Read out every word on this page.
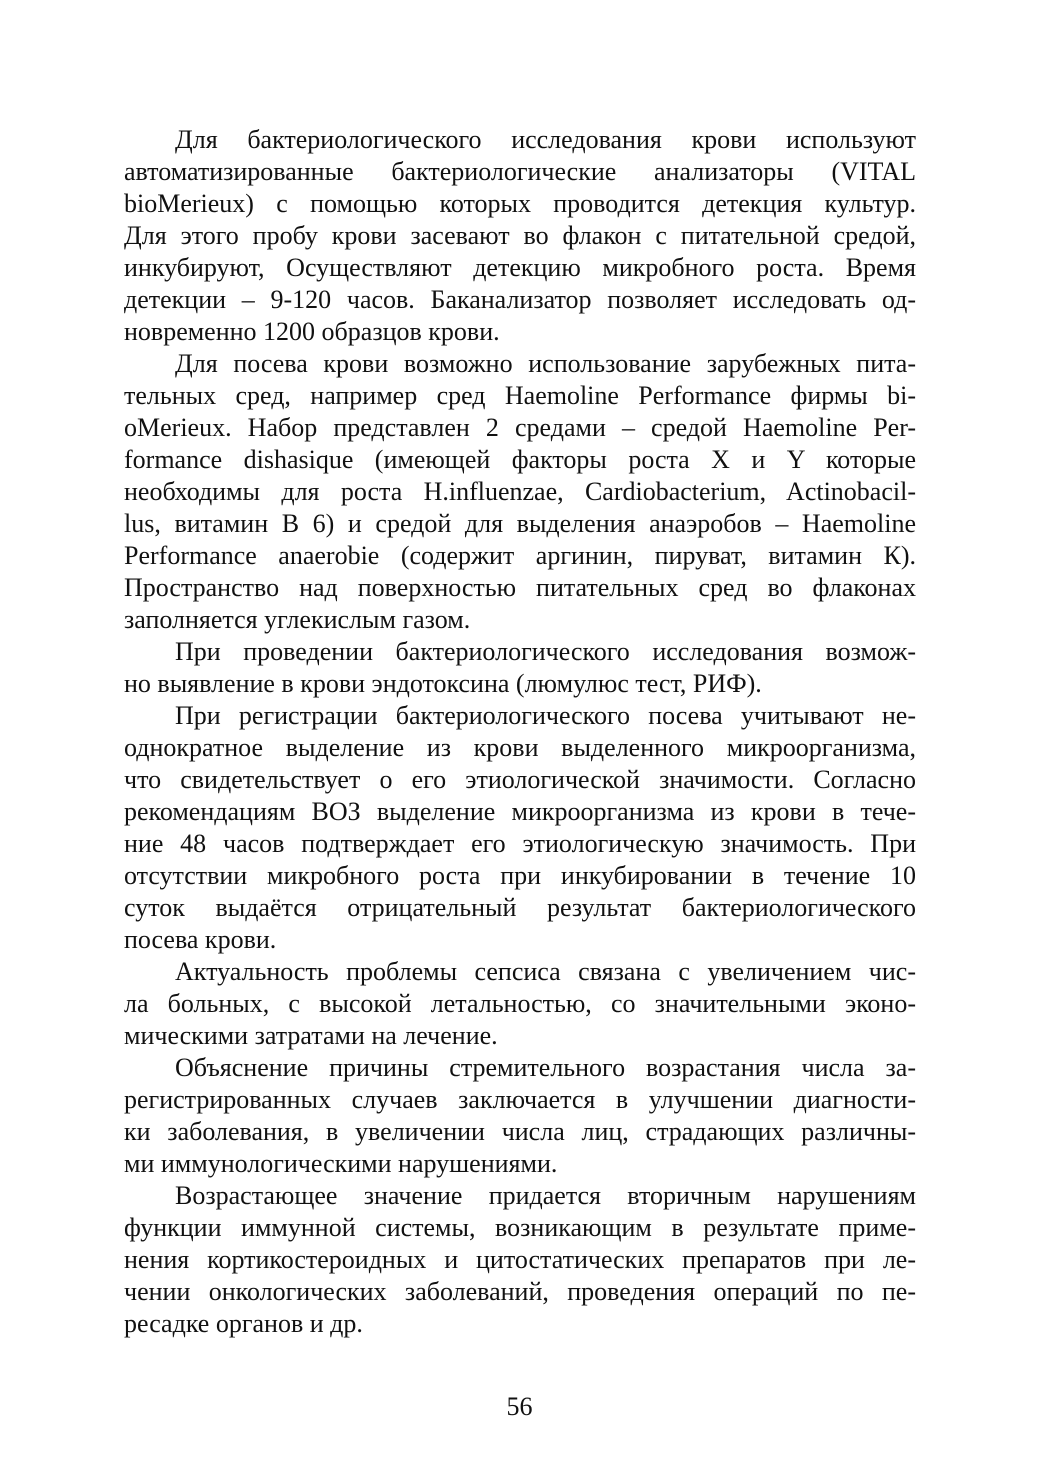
Для бактериологического исследования крови используют
автоматизированные бактериологические анализаторы (VITAL
bioMerieux) с помощью которых проводится детекция культур.
Для этого пробу крови засевают во флакон с питательной средой,
инкубируют, Осуществляют детекцию микробного роста. Время
детекции – 9-120 часов. Баканализатор позволяет исследовать од-
новременно 1200 образцов крови.
Для посева крови возможно использование зарубежных пита-
тельных сред, например сред Haemoline Performance фирмы bi-
oMerieux. Набор представлен 2 средами – средой Haemoline Per-
formance dishasique (имеющей факторы роста X и Y которые
необходимы для роста H.influenzae, Cardiobacterium, Actinobacil-
lus, витамин В 6) и средой для выделения анаэробов – Haemoline
Performance anaerobie (содержит аргинин, пируват, витамин К).
Пространство над поверхностью питательных сред во флаконах
заполняется углекислым газом.
При проведении бактериологического исследования возмож-
но выявление в крови эндотоксина (люмулюс тест, РИФ).
При регистрации бактериологического посева учитывают не-
однократное выделение из крови выделенного микроорганизма,
что свидетельствует о его этиологической значимости. Согласно
рекомендациям ВОЗ выделение микроорганизма из крови в тече-
ние 48 часов подтверждает его этиологическую значимость. При
отсутствии микробного роста при инкубировании в течение 10
суток выдаётся отрицательный результат бактериологического
посева крови.
Актуальность проблемы сепсиса связана с увеличением чис-
ла больных, с высокой летальностью, со значительными эконо-
мическими затратами на лечение.
Объяснение причины стремительного возрастания числа за-
регистрированных случаев заключается в улучшении диагности-
ки заболевания, в увеличении числа лиц, страдающих различны-
ми иммунологическими нарушениями.
Возрастающее значение придается вторичным нарушениям
функции иммунной системы, возникающим в результате приме-
нения кортикостероидных и цитостатических препаратов при ле-
чении онкологических заболеваний, проведения операций по пе-
ресадке органов и др.
56
